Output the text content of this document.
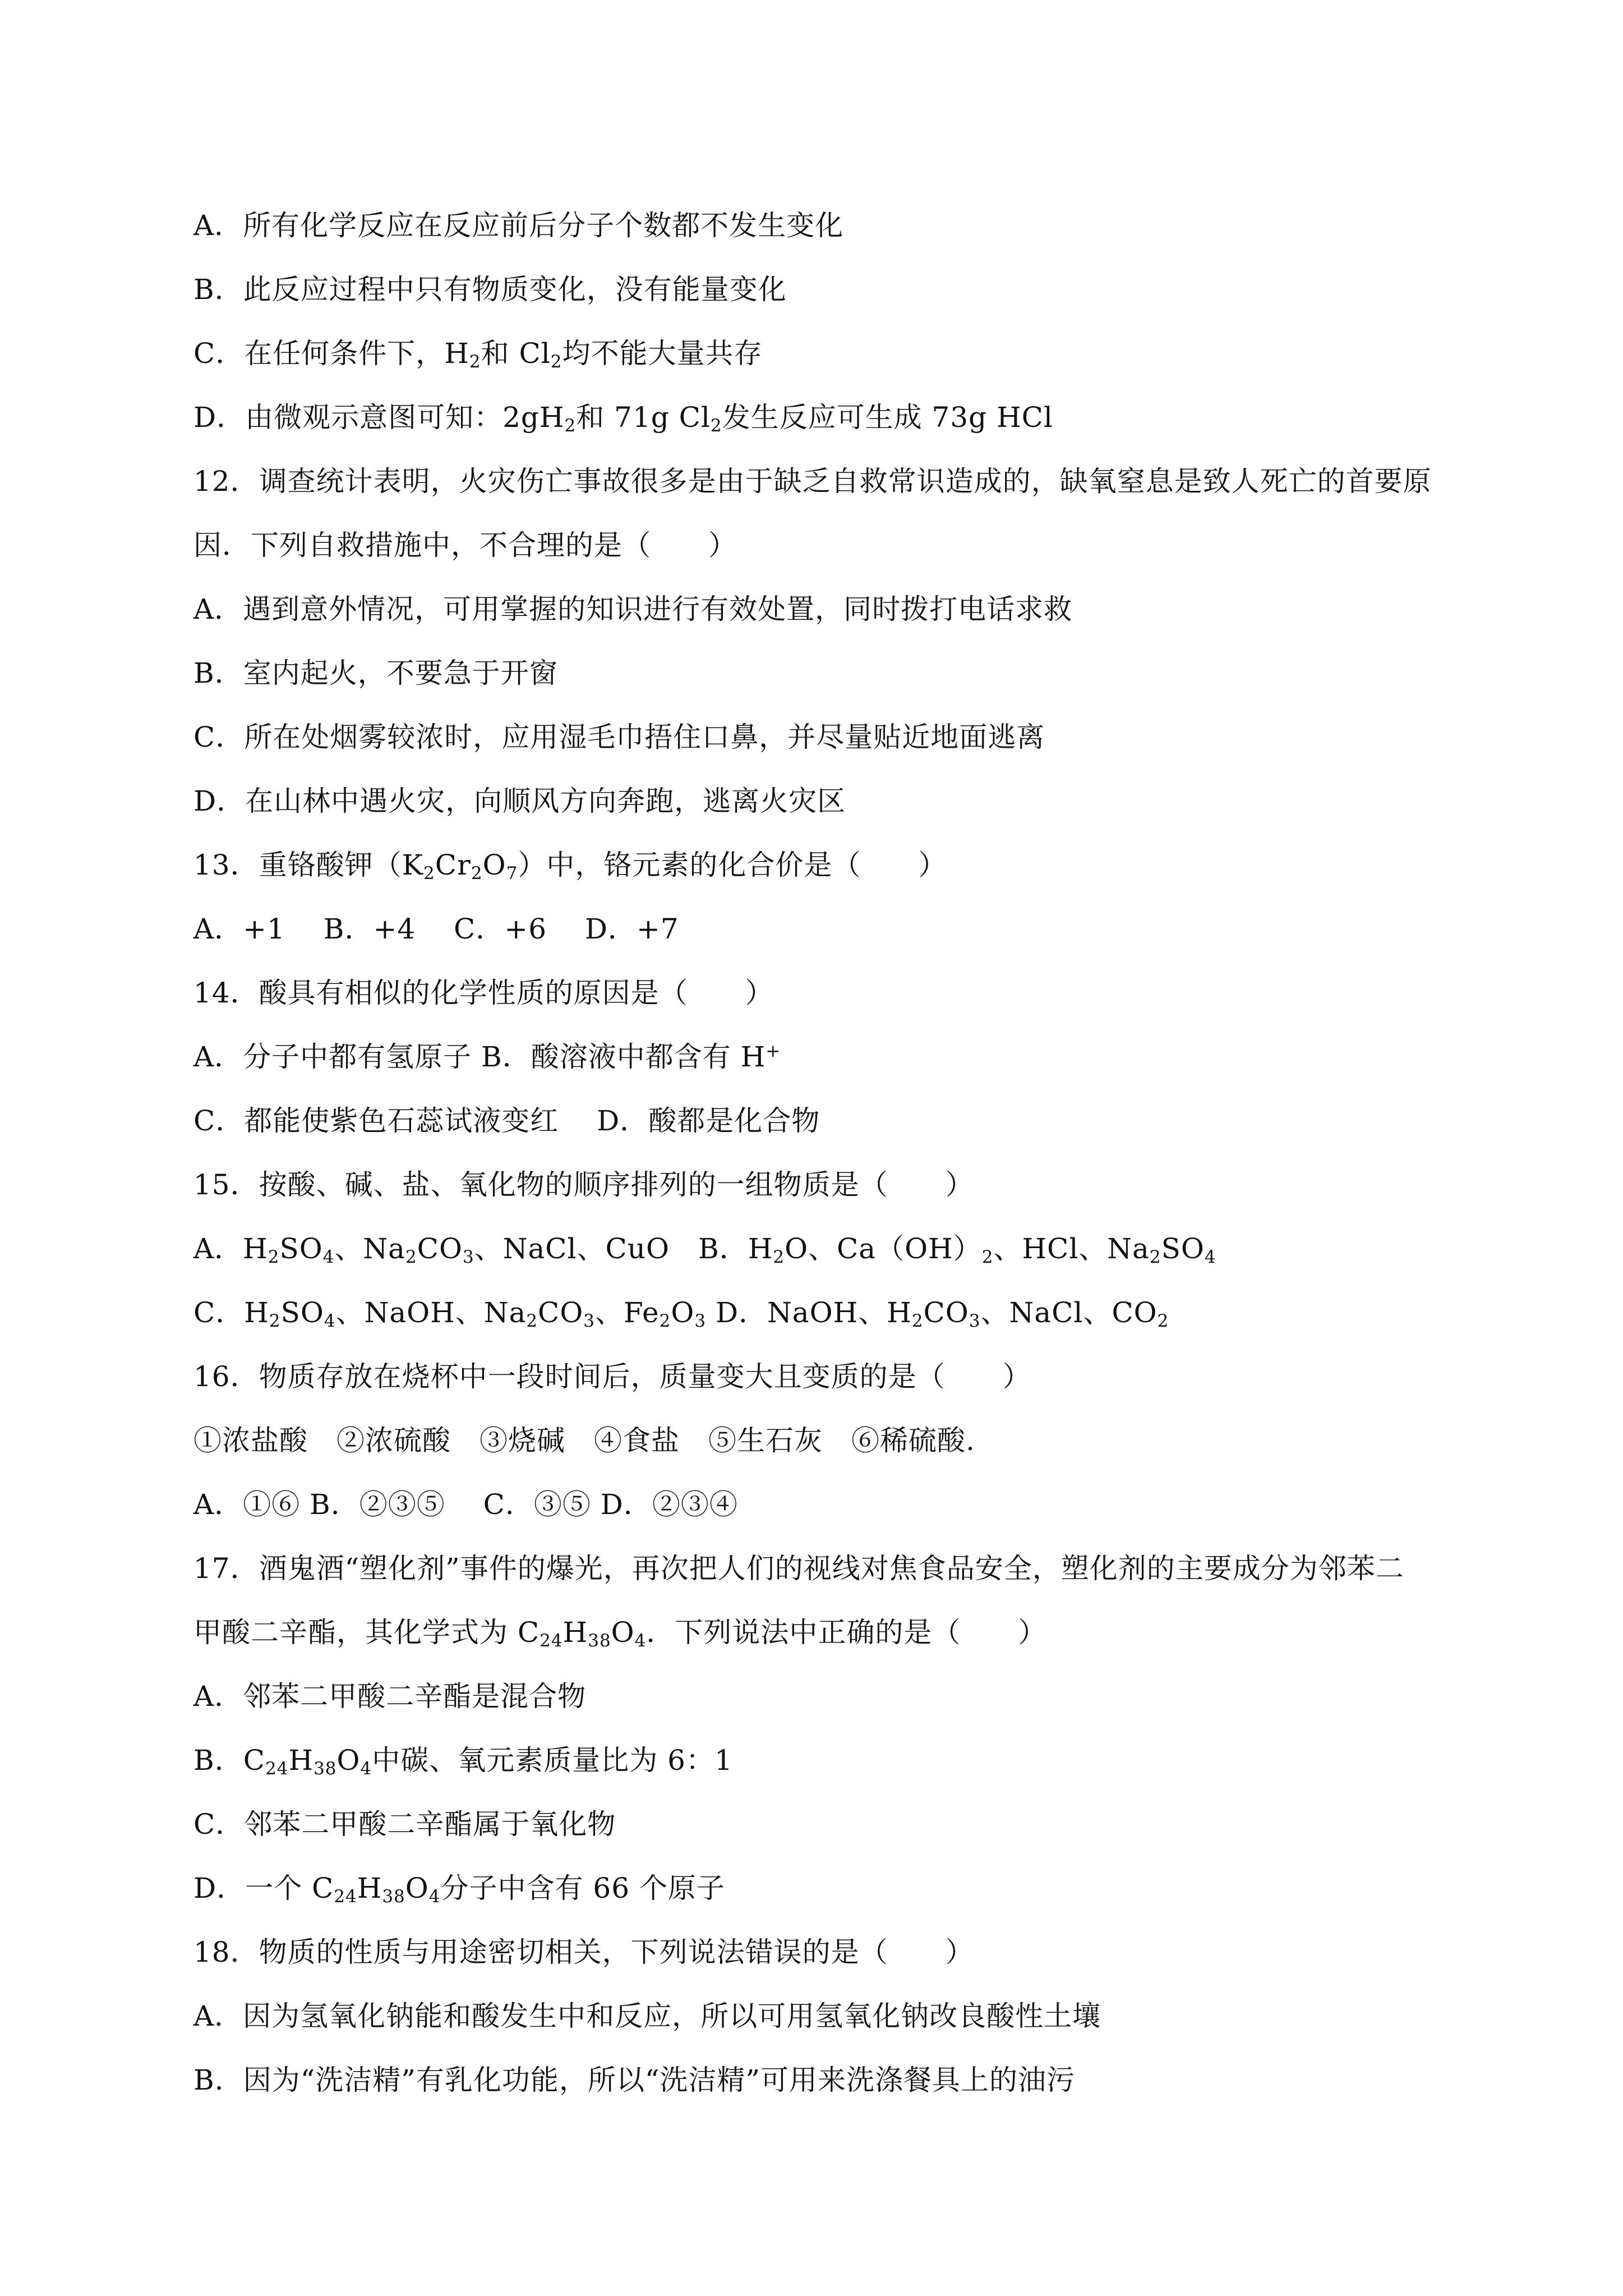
A．所有化学反应在反应前后分子个数都不发生变化
B．此反应过程中只有物质变化，没有能量变化
C．在任何条件下，$H_2$和 $Cl_2$均不能大量共存
D．由微观示意图可知：$2gH_2$和 71g $Cl_2$发生反应可生成 73g HCl
12．调查统计表明，火灾伤亡事故很多是由于缺乏自救常识造成的，缺氧窒息是致人死亡的首要原
因．下列自救措施中，不合理的是（　　）
A．遇到意外情况，可用掌握的知识进行有效处置，同时拨打电话求救
B．室内起火，不要急于开窗
C．所在处烟雾较浓时，应用湿毛巾捂住口鼻，并尽量贴近地面逃离
D．在山林中遇火灾，向顺风方向奔跑，逃离火灾区
13．重铬酸钾$(K_2Cr_2O_7)$中，铬元素的化合价是（　　）
A．+1　 B．+4　 C．+6　 D．+7
14．酸具有相似的化学性质的原因是（　　）
A．分子中都有氢原子 B．酸溶液中都含有 H+
C．都能使紫色石蕊试液变红　 D．酸都是化合物
15．按酸、碱、盐、氧化物的顺序排列的一组物质是（　　）
A．$H_2SO_4$、$Na_2CO_3$、NaCl、CuO　B．$H_2O$、$Ca(OH)_2$、HCl、$Na_2SO_4$
C．$H_2SO_4$、NaOH、$Na_2CO_3$、$Fe_2O_3$ D．NaOH、$H_2CO_3$、NaCl、$CO_2$
16．物质存放在烧杯中一段时间后，质量变大且变质的是（　　）
①浓盐酸　②浓硫酸　③烧碱　④食盐　⑤生石灰　⑥稀硫酸.
A．①⑥ B．②③⑤　 C．③⑤ D．②③④
17．酒鬼酒“塑化剂”事件的爆光，再次把人们的视线对焦食品安全，塑化剂的主要成分为邻苯二
甲酸二辛酯，其化学式为 $C_{24}H_{38}O_4$．下列说法中正确的是（　　）
A．邻苯二甲酸二辛酯是混合物
B．$C_{24}H_{38}O_4$中碳、氧元素质量比为 6：1
C．邻苯二甲酸二辛酯属于氧化物
D．一个 $C_{24}H_{38}O_4$分子中含有 66 个原子
18．物质的性质与用途密切相关，下列说法错误的是（　　）
A．因为氢氧化钠能和酸发生中和反应，所以可用氢氧化钠改良酸性土壤
B．因为“洗洁精”有乳化功能，所以“洗洁精”可用来洗涤餐具上的油污
